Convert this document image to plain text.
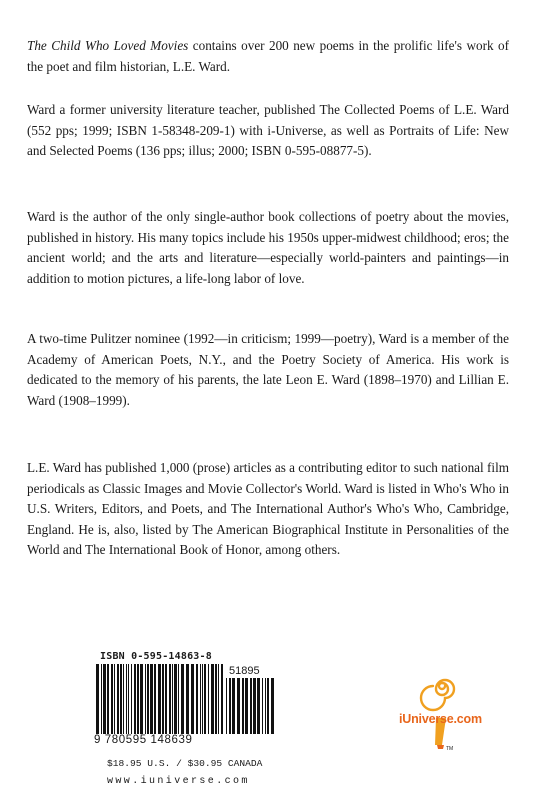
The Child Who Loved Movies contains over 200 new poems in the prolific life's work of the poet and film historian, L.E. Ward.

Ward a former university literature teacher, published The Collected Poems of L.E. Ward (552 pps; 1999; ISBN 1-58348-209-1) with i-Universe, as well as Portraits of Life: New and Selected Poems (136 pps; illus; 2000; ISBN 0-595-08877-5).

Ward is the author of the only single-author book collections of poetry about the movies, published in history. His many topics include his 1950s upper-midwest childhood; eros; the ancient world; and the arts and literature—especially world-painters and paintings—in addition to motion pictures, a life-long labor of love.

A two-time Pulitzer nominee (1992—in criticism; 1999—poetry), Ward is a member of the Academy of American Poets, N.Y., and the Poetry Society of America. His work is dedicated to the memory of his parents, the late Leon E. Ward (1898–1970) and Lillian E. Ward (1908–1999).

L.E. Ward has published 1,000 (prose) articles as a contributing editor to such national film periodicals as Classic Images and Movie Collector's World. Ward is listed in Who's Who in U.S. Writers, Editors, and Poets, and The International Author's Who's Who, Cambridge, England. He is, also, listed by The American Biographical Institute in Personalities of the World and The International Book of Honor, among others.

ISBN 0-595-14863-8

51895

9 780595 148639

$18.95 U.S. / $30.95 CANADA

www.iuniverse.com

TM

iUniverse.com
